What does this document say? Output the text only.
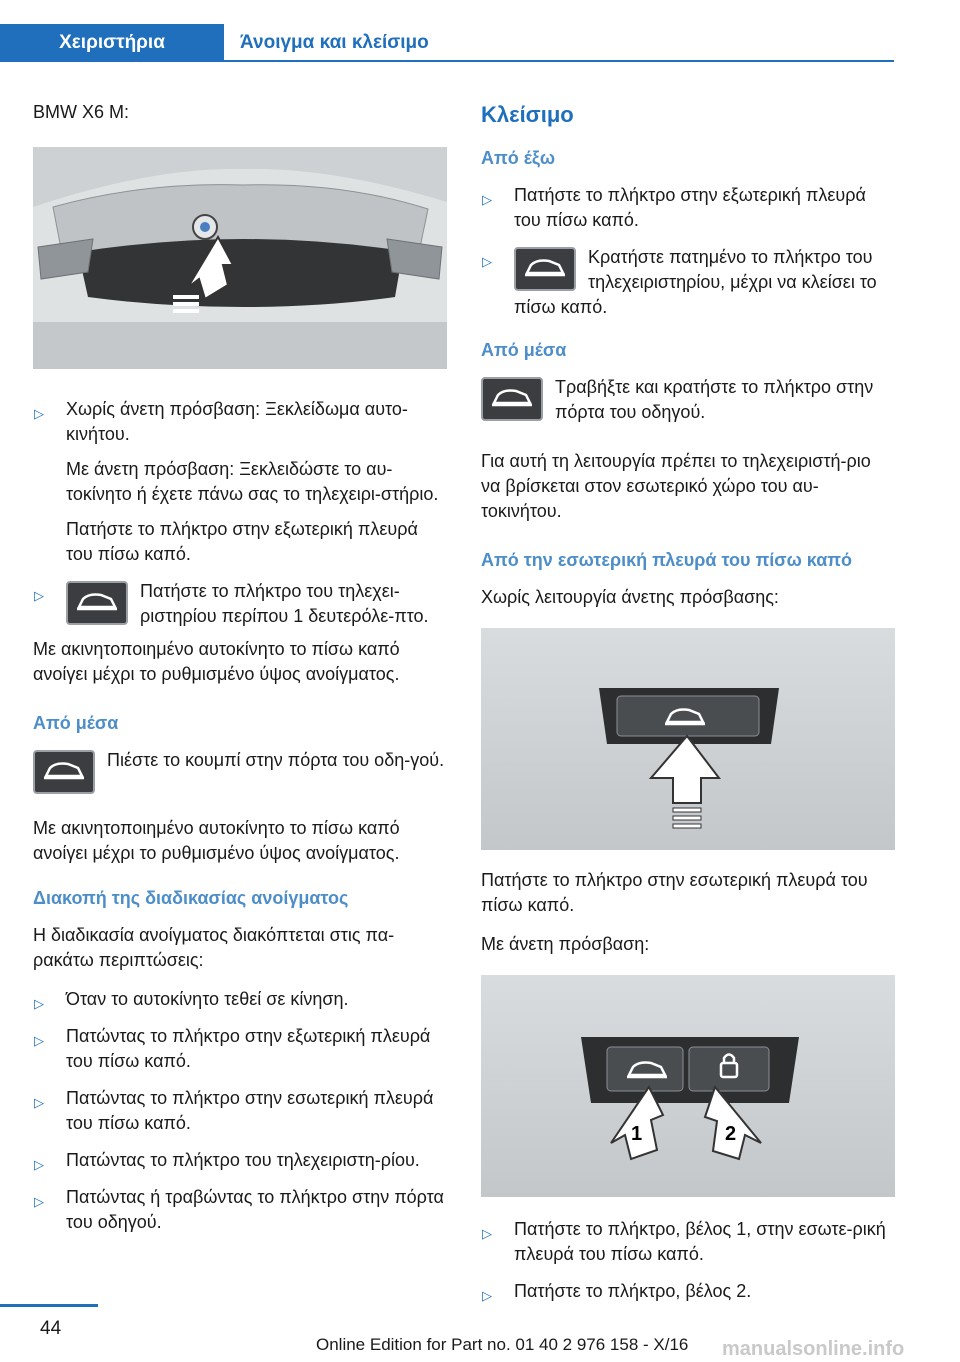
Χειριστήρια	Άνοιγμα και κλείσιμο
BMW X6 M:
▷ Χωρίς άνετη πρόσβαση: Ξεκλείδωμα αυτο‐κινήτου.
Με άνετη πρόσβαση: Ξεκλειδώστε το αυ‐τοκίνητο ή έχετε πάνω σας το τηλεχειρι‐στήριο.
Πατήστε το πλήκτρο στην εξωτερική πλευρά του πίσω καπό.
▷	Πατήστε το πλήκτρο του τηλεχει‐ριστηρίου περίπου 1 δευτερόλε‐πτο.
Με ακινητοποιημένο αυτοκίνητο το πίσω καπό ανοίγει μέχρι το ρυθμισμένο ύψος ανοίγματος.
Από μέσα
Πιέστε το κουμπί στην πόρτα του οδη‐γού.
Με ακινητοποιημένο αυτοκίνητο το πίσω καπό ανοίγει μέχρι το ρυθμισμένο ύψος ανοίγματος.
Διακοπή της διαδικασίας ανοίγματος
Η διαδικασία ανοίγματος διακόπτεται στις πα‐ρακάτω περιπτώσεις:
▷ Όταν το αυτοκίνητο τεθεί σε κίνηση.
▷ Πατώντας το πλήκτρο στην εξωτερική πλευρά του πίσω καπό.
▷ Πατώντας το πλήκτρο στην εσωτερική πλευρά του πίσω καπό.
▷ Πατώντας το πλήκτρο του τηλεχειριστη‐ρίου.
▷ Πατώντας ή τραβώντας το πλήκτρο στην πόρτα του οδηγού.
Κλείσιμο
Από έξω
▷ Πατήστε το πλήκτρο στην εξωτερική πλευρά του πίσω καπό.
▷	Κρατήστε πατημένο το πλήκτρο του τηλεχειριστηρίου, μέχρι να κλείσει το πίσω καπό.
Από μέσα
Τραβήξτε και κρατήστε το πλήκτρο στην πόρτα του οδηγού.
Για αυτή τη λειτουργία πρέπει το τηλεχειριστή‐ριο να βρίσκεται στον εσωτερικό χώρο του αυ‐τοκινήτου.
Από την εσωτερική πλευρά του πίσω καπό
Χωρίς λειτουργία άνετης πρόσβασης:
Πατήστε το πλήκτρο στην εσωτερική πλευρά του πίσω καπό.
Με άνετη πρόσβαση:
1	2
▷ Πατήστε το πλήκτρο, βέλος 1, στην εσωτε‐ρική πλευρά του πίσω καπό.
▷ Πατήστε το πλήκτρο, βέλος 2.
44
Online Edition for Part no. 01 40 2 976 158 - X/16 manualsonline.info
